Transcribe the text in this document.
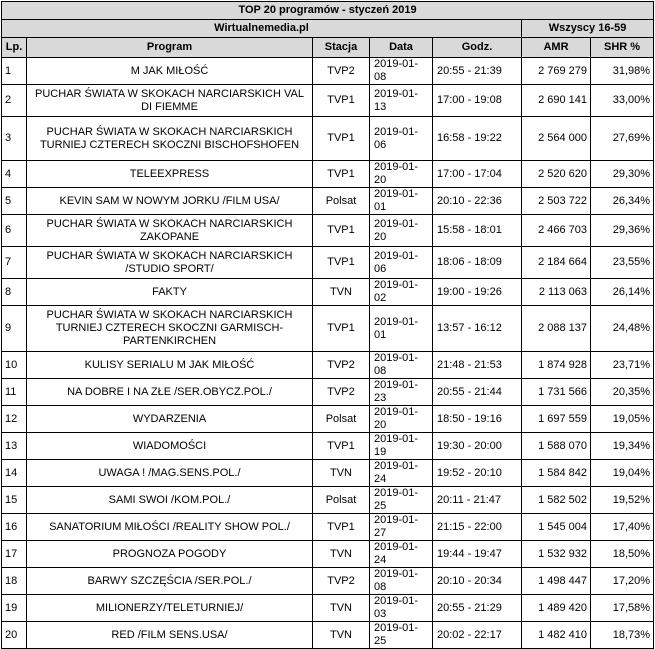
TOP 20 programów - styczeń 2019						
Wirtualnemedia.pl					Wszyscy 16-59	
Lp.	Program	Stacja	Data	Godz.	AMR	SHR %
1	M JAK MIŁOŚĆ	TVP2	2019-01-08	20:55 - 21:39	2 769 279	31,98%
2	PUCHAR ŚWIATA W SKOKACH NARCIARSKICH VAL DI FIEMME	TVP1	2019-01-13	17:00 - 19:08	2 690 141	33,00%
3	PUCHAR ŚWIATA W SKOKACH NARCIARSKICH TURNIEJ CZTERECH SKOCZNI BISCHOFSHOFEN	TVP1	2019-01-06	16:58 - 19:22	2 564 000	27,69%
4	TELEEXPRESS	TVP1	2019-01-20	17:00 - 17:04	2 520 620	29,30%
5	KEVIN SAM W NOWYM JORKU /FILM USA/	Polsat	2019-01-01	20:10 - 22:36	2 503 722	26,34%
6	PUCHAR ŚWIATA W SKOKACH NARCIARSKICH ZAKOPANE	TVP1	2019-01-20	15:58 - 18:01	2 466 703	29,36%
7	PUCHAR ŚWIATA W SKOKACH NARCIARSKICH /STUDIO SPORT/	TVP1	2019-01-06	18:06 - 18:09	2 184 664	23,55%
8	FAKTY	TVN	2019-01-02	19:00 - 19:26	2 113 063	26,14%
9	PUCHAR ŚWIATA W SKOKACH NARCIARSKICH TURNIEJ CZTERECH SKOCZNI GARMISCH-PARTENKIRCHEN	TVP1	2019-01-01	13:57 - 16:12	2 088 137	24,48%
10	KULISY SERIALU M JAK MIŁOŚĆ	TVP2	2019-01-08	21:48 - 21:53	1 874 928	23,71%
11	NA DOBRE I NA ZŁE /SER.OBYCZ.POL./	TVP2	2019-01-23	20:55 - 21:44	1 731 566	20,35%
12	WYDARZENIA	Polsat	2019-01-20	18:50 - 19:16	1 697 559	19,05%
13	WIADOMOŚCI	TVP1	2019-01-19	19:30 - 20:00	1 588 070	19,34%
14	UWAGA ! /MAG.SENS.POL./	TVN	2019-01-24	19:52 - 20:10	1 584 842	19,04%
15	SAMI SWOI /KOM.POL./	Polsat	2019-01-25	20:11 - 21:47	1 582 502	19,52%
16	SANATORIUM MIŁOŚCI /REALITY SHOW POL./	TVP1	2019-01-27	21:15 - 22:00	1 545 004	17,40%
17	PROGNOZA POGODY	TVN	2019-01-24	19:44 - 19:47	1 532 932	18,50%
18	BARWY SZCZĘŚCIA /SER.POL./	TVP2	2019-01-08	20:10 - 20:34	1 498 447	17,20%
19	MILIONERZY/TELETURNIEJ/	TVN	2019-01-03	20:55 - 21:29	1 489 420	17,58%
20	RED /FILM SENS.USA/	TVN	2019-01-25	20:02 - 22:17	1 482 410	18,73%
